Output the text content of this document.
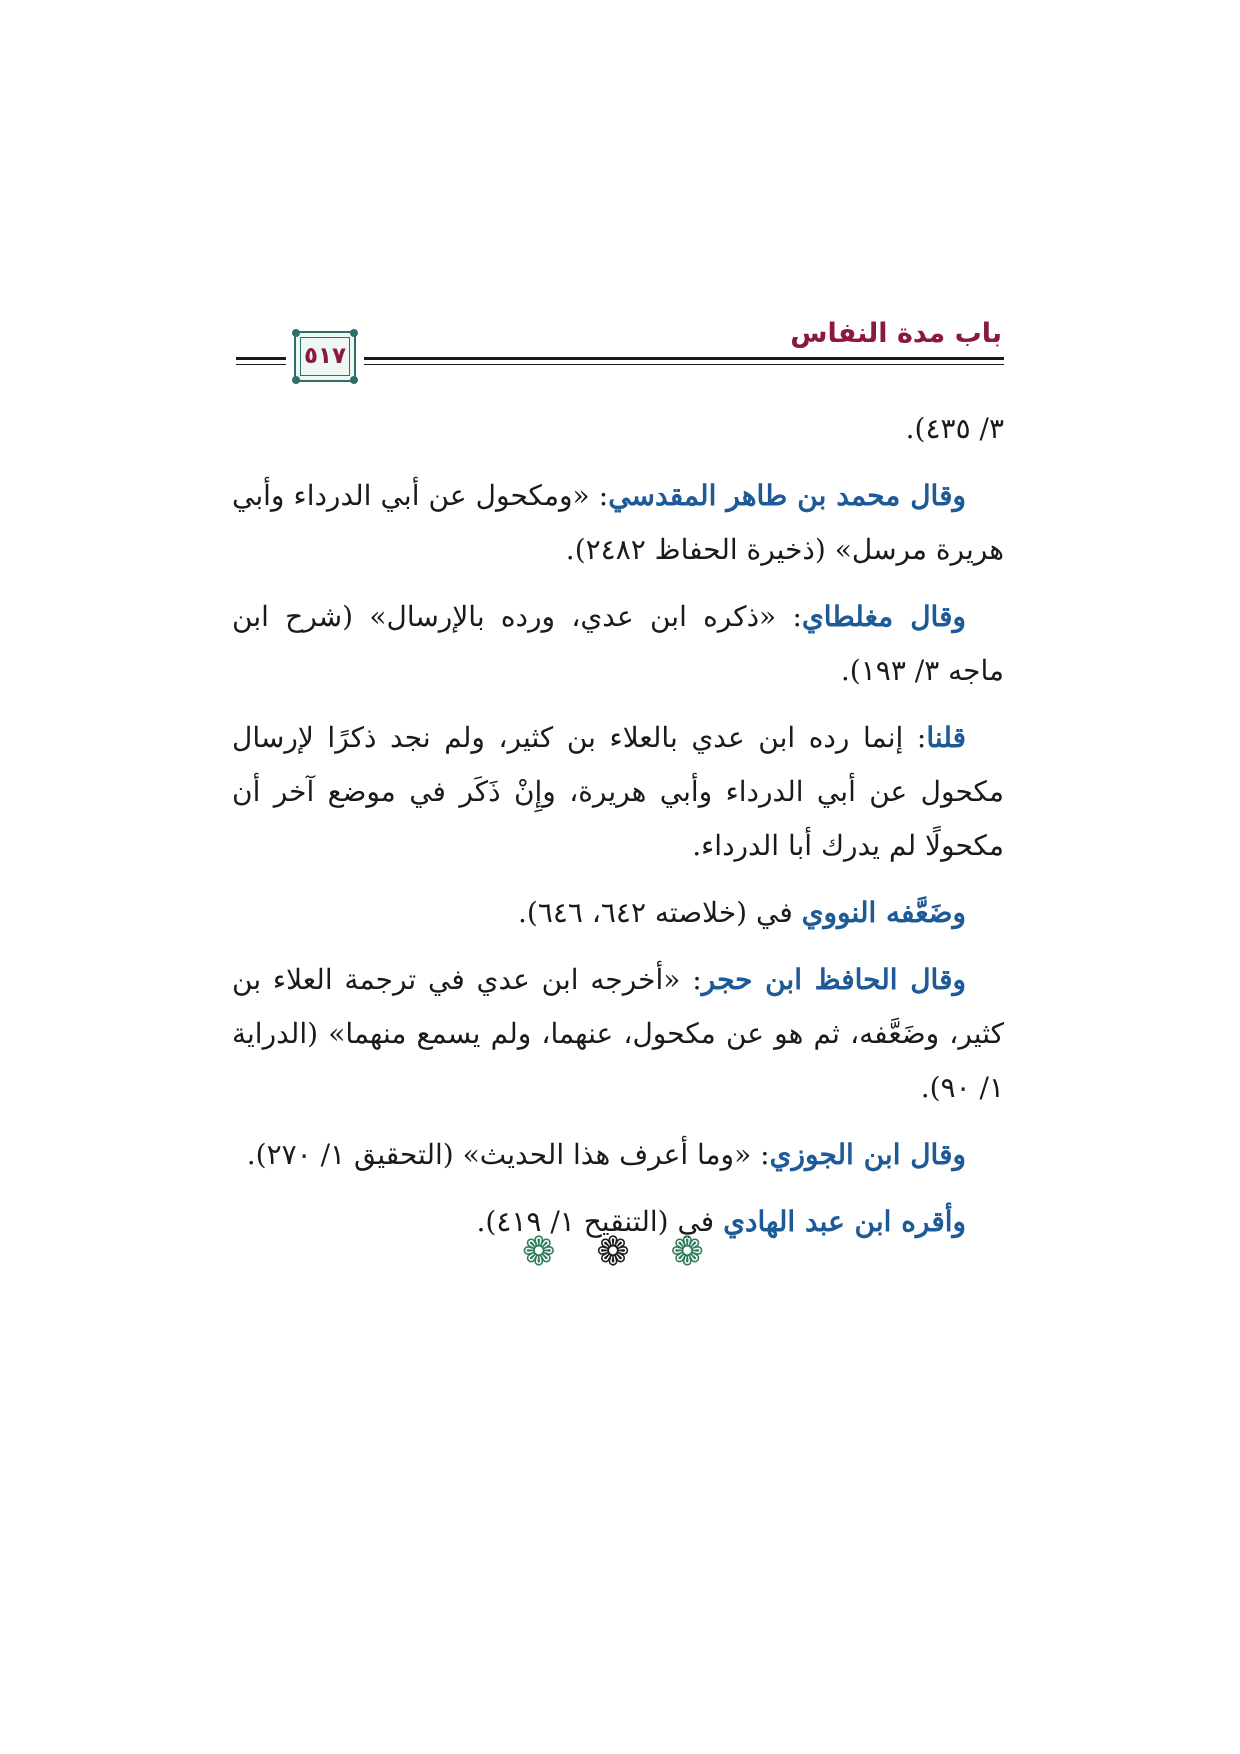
باب مدة النفاس
٥١٧

٣/ ٤٣٥).

وقال محمد بن طاهر المقدسي: «ومكحول عن أبي الدرداء وأبي هريرة مرسل» (ذخيرة الحفاظ ٢٤٨٢).

وقال مغلطاي: «ذكره ابن عدي، ورده بالإرسال» (شرح ابن ماجه ٣/ ١٩٣).

قلنا: إنما رده ابن عدي بالعلاء بن كثير، ولم نجد ذكرًا لإرسال مكحول عن أبي الدرداء وأبي هريرة، وإِنْ ذَكَر في موضع آخر أن مكحولًا لم يدرك أبا الدرداء.

وضَعَّفه النووي في (خلاصته ٦٤٢، ٦٤٦).

وقال الحافظ ابن حجر: «أخرجه ابن عدي في ترجمة العلاء بن كثير، وضَعَّفه، ثم هو عن مكحول، عنهما، ولم يسمع منهما» (الدراية ١/ ٩٠).

وقال ابن الجوزي: «وما أعرف هذا الحديث» (التحقيق ١/ ٢٧٠).

وأقره ابن عبد الهادي في (التنقيح ١/ ٤١٩).

❁ ❁ ❁
